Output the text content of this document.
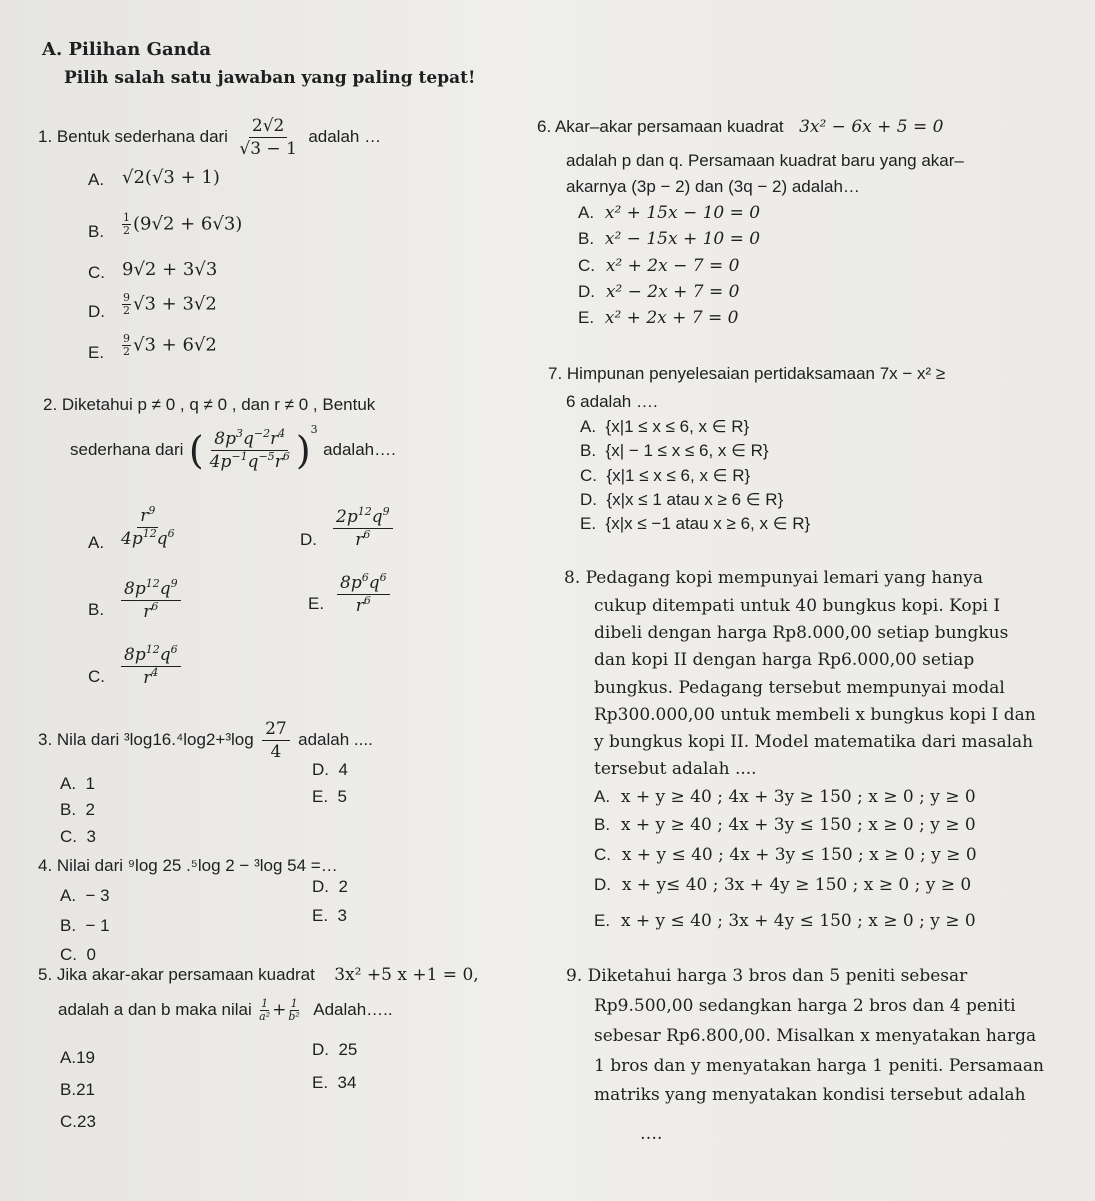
A. Pilihan Ganda
Pilih salah satu jawaban yang paling tepat!
1. Bentuk sederhana dari $\frac{2√2}{√3 - 1}$ adalah …
A. √2(√3 + 1)
B. $\frac{1}{2} (9√2 + 6√3)$
C. 9√2 + 3√3
D. $\frac{9}{2} √3 + 3√2$
E. $\frac{9}{2} √3 + 6√2$
2. Diketahui p ≠ 0 , q ≠ 0 , dan r ≠ 0 , Bentuk
sederhana dari ( $\frac{8p^3q^{-2}r^4}{4p^{-1}q^{-5}r^6} )^3$ adalah….
A. $\frac{r^9}{4p^{12}q^6}$
B. $\frac{8p^{12}q^9}{r^6}$
C. $\frac{8p^{12}q^6}{r^4}$
D. $\frac{2p^{12}q^9}{r^6}$
E. $\frac{8p^6q^6}{r^6}$
3. Nila dari $^3\log 16.^4\log 2+^3\log \frac{27}{4}$ adalah ....
A. 1
B. 2
C. 3
D. 4
E. 5
4. Nilai dari ⁹log 25 .⁵log 2 − ³log 54 =…
A. − 3
B. − 1
C. 0
D. 2
E. 3
5. Jika akar-akar persamaan kuadrat 3x² +5 x +1 = 0,
adalah a dan b maka nilai $\frac{1}{\text{a²}} + \frac{1}{\text{b²}}$ Adalah…..
A.19
B.21
C.23
D. 25
E. 34
6. Akar–akar persamaan kuadrat 3x² − 6x + 5 = 0
adalah p dan q. Persamaan kuadrat baru yang akar–
akarnya (3p − 2) dan (3q − 2) adalah…
A. x² + 15x − 10 = 0
B. x² − 15x + 10 = 0
C. x² + 2x − 7 = 0
D. x² − 2x + 7 = 0
E. x² + 2x + 7 = 0
7. Himpunan penyelesaian pertidaksamaan 7x − x² ≥
6 adalah ….
A. {x|1 ≤ x ≤ 6, x ∈ R}
B. {x| − 1 ≤ x ≤ 6, x ∈ R}
C. {x|1 ≤ x ≤ 6, x ∈ R}
D. {x|x ≤ 1 atau x ≥ 6 ∈ R}
E. {x|x ≤ −1 atau x ≥ 6, x ∈ R}
8. Pedagang kopi mempunyai lemari yang hanya
cukup ditempati untuk 40 bungkus kopi. Kopi I
dibeli dengan harga Rp8.000,00 setiap bungkus
dan kopi II dengan harga Rp6.000,00 setiap
bungkus. Pedagang tersebut mempunyai modal
Rp300.000,00 untuk membeli x bungkus kopi I dan
y bungkus kopi II. Model matematika dari masalah
tersebut adalah ....
A. x + y ≥ 40 ; 4x + 3y ≥ 150 ; x ≥ 0 ; y ≥ 0
B. x + y ≥ 40 ; 4x + 3y ≤ 150 ; x ≥ 0 ; y ≥ 0
C. x + y ≤ 40 ; 4x + 3y ≤ 150 ; x ≥ 0 ; y ≥ 0
D. x + y≤ 40 ; 3x + 4y ≥ 150 ; x ≥ 0 ; y ≥ 0
E. x + y ≤ 40 ; 3x + 4y ≤ 150 ; x ≥ 0 ; y ≥ 0
9. Diketahui harga 3 bros dan 5 peniti sebesar
Rp9.500,00 sedangkan harga 2 bros dan 4 peniti
sebesar Rp6.800,00. Misalkan x menyatakan harga
1 bros dan y menyatakan harga 1 peniti. Persamaan
matriks yang menyatakan kondisi tersebut adalah
….
